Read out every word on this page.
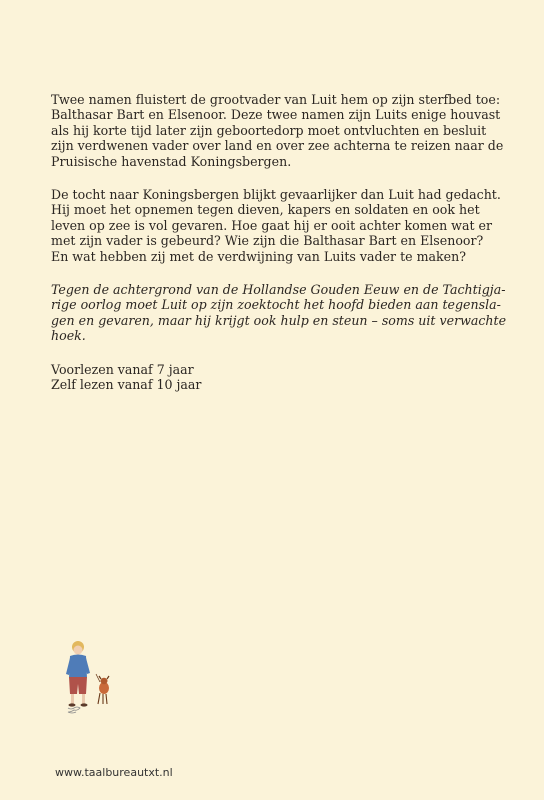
Twee namen fluistert de grootvader van Luit hem op zijn sterfbed toe:
Balthasar Bart en Elsenoor. Deze twee namen zijn Luits enige houvast
als hij korte tijd later zijn geboortedorp moet ontvluchten en besluit
zijn verdwenen vader over land en over zee achterna te reizen naar de
Pruisische havenstad Koningsbergen.

De tocht naar Koningsbergen blijkt gevaarlijker dan Luit had gedacht.
Hij moet het opnemen tegen dieven, kapers en soldaten en ook het
leven op zee is vol gevaren. Hoe gaat hij er ooit achter komen wat er
met zijn vader is gebeurd? Wie zijn die Balthasar Bart en Elsenoor?
En wat hebben zij met de verdwijning van Luits vader te maken?

Tegen de achtergrond van de Hollandse Gouden Eeuw en de Tachtigja-
rige oorlog moet Luit op zijn zoektocht het hoofd bieden aan tegensla-
gen en gevaren, maar hij krijgt ook hulp en steun – soms uit verwachte
hoek.

Voorlezen vanaf 7 jaar
Zelf lezen vanaf 10 jaar

www.taalbureautxt.nl
